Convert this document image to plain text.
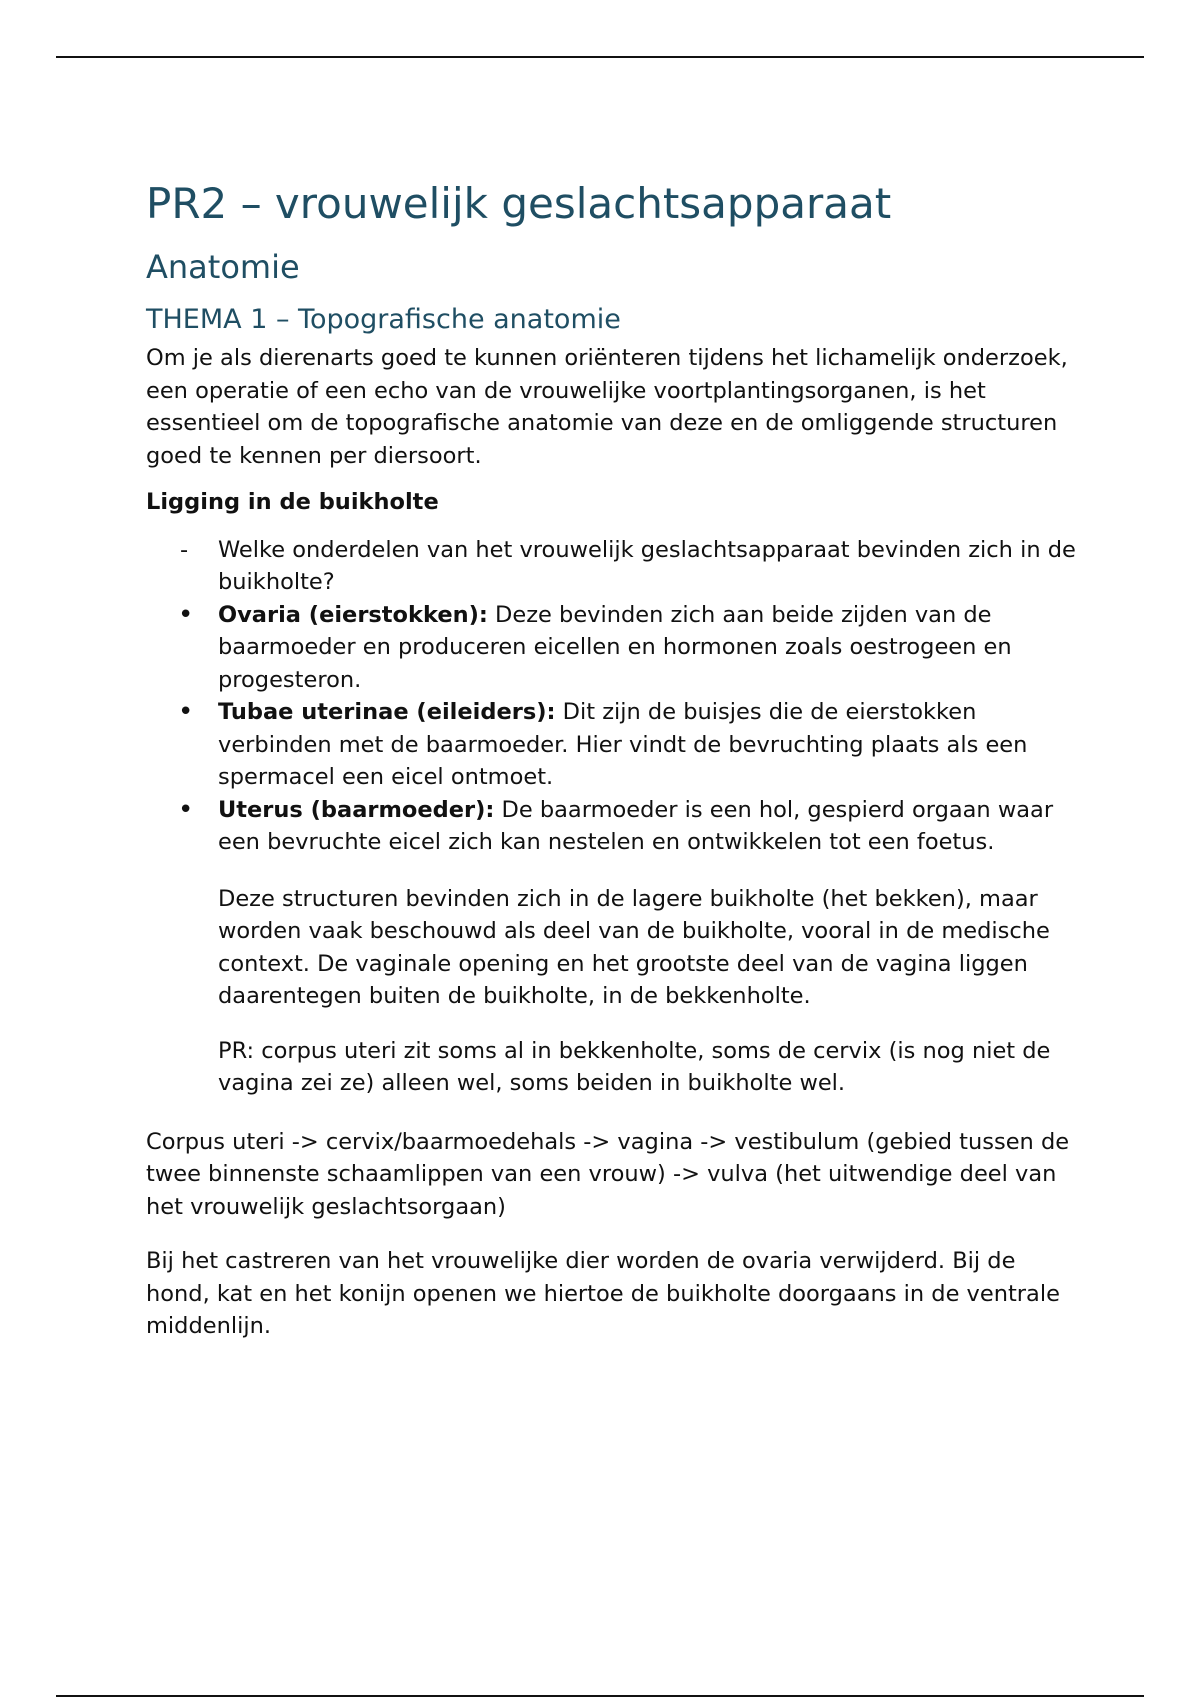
PR2 – vrouwelijk geslachtsapparaat
Anatomie
THEMA 1 – Topografische anatomie

Om je als dierenarts goed te kunnen oriënteren tijdens het lichamelijk onderzoek, een operatie of een echo van de vrouwelijke voortplantingsorganen, is het essentieel om de topografische anatomie van deze en de omliggende structuren goed te kennen per diersoort.

Ligging in de buikholte

- Welke onderdelen van het vrouwelijk geslachtsapparaat bevinden zich in de buikholte?
• Ovaria (eierstokken): Deze bevinden zich aan beide zijden van de baarmoeder en produceren eicellen en hormonen zoals oestrogeen en progesteron.
• Tubae uterinae (eileiders): Dit zijn de buisjes die de eierstokken verbinden met de baarmoeder. Hier vindt de bevruchting plaats als een spermacel een eicel ontmoet.
• Uterus (baarmoeder): De baarmoeder is een hol, gespierd orgaan waar een bevruchte eicel zich kan nestelen en ontwikkelen tot een foetus.

Deze structuren bevinden zich in de lagere buikholte (het bekken), maar worden vaak beschouwd als deel van de buikholte, vooral in de medische context. De vaginale opening en het grootste deel van de vagina liggen daarentegen buiten de buikholte, in de bekkenholte.

PR: corpus uteri zit soms al in bekkenholte, soms de cervix (is nog niet de vagina zei ze) alleen wel, soms beiden in buikholte wel.

Corpus uteri -> cervix/baarmoedehals -> vagina -> vestibulum (gebied tussen de twee binnenste schaamlippen van een vrouw) -> vulva (het uitwendige deel van het vrouwelijk geslachtsorgaan)

Bij het castreren van het vrouwelijke dier worden de ovaria verwijderd. Bij de hond, kat en het konijn openen we hiertoe de buikholte doorgaans in de ventrale middenlijn.
